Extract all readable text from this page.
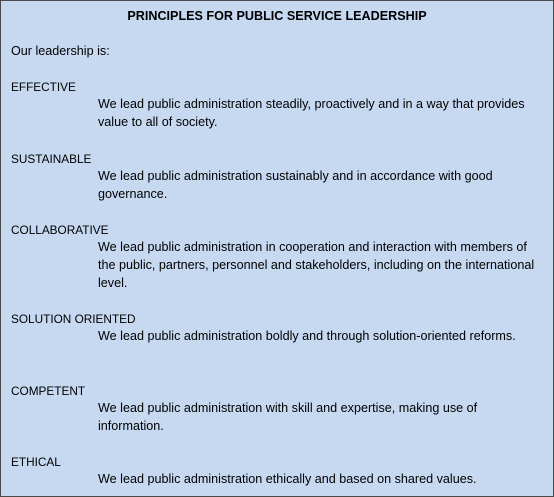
PRINCIPLES FOR PUBLIC SERVICE LEADERSHIP
Our leadership is:

EFFECTIVE

We lead public administration steadily, proactively and in a way that provides value to all of society.

SUSTAINABLE

We lead public administration sustainably and in accordance with good governance.

COLLABORATIVE

We lead public administration in cooperation and interaction with members of the public, partners, personnel and stakeholders, including on the international level.

SOLUTION ORIENTED

We lead public administration boldly and through solution-oriented reforms.

COMPETENT

We lead public administration with skill and expertise, making use of information.

ETHICAL

We lead public administration ethically and based on shared values.
